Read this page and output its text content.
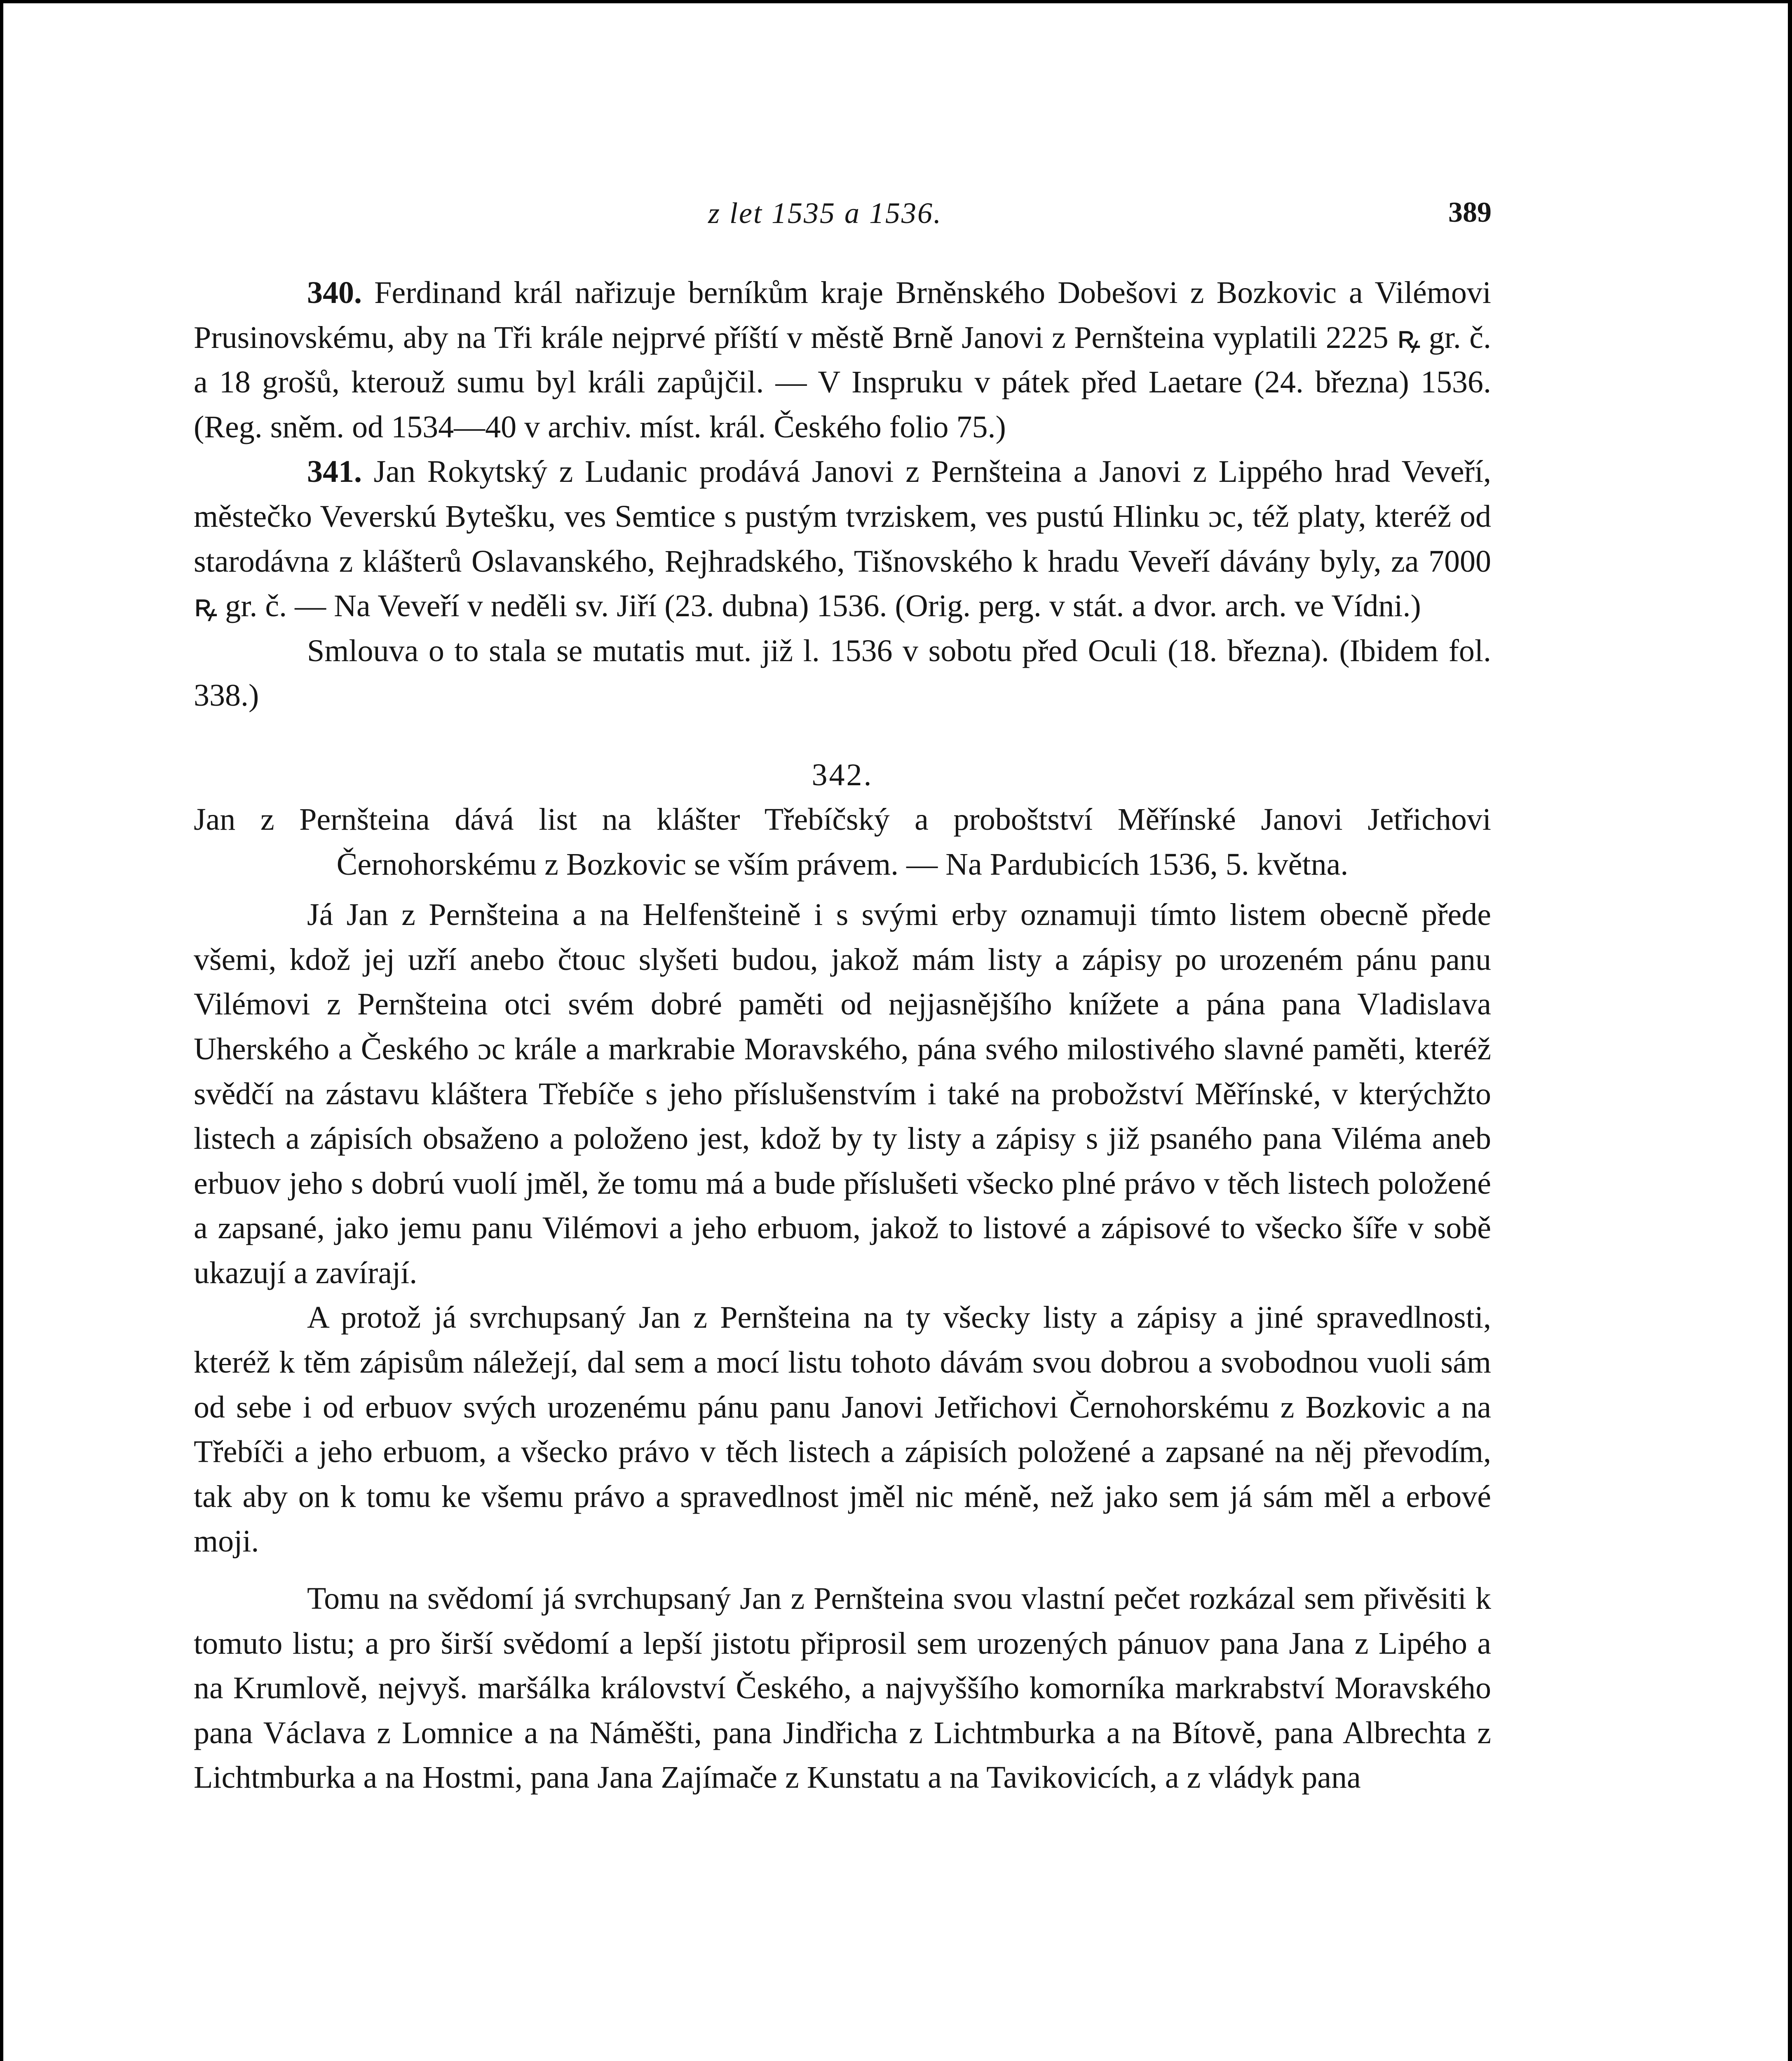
z let 1535 a 1536.	389

340. Ferdinand král nařizuje berníkům kraje Brněnského Dobešovi z Bozkovic a Vilémovi Prusinovskému, aby na Tři krále nejprvé příští v městě Brně Janovi z Pernšteina vyplatili 2225 ꝶ gr. č. a 18 grošů, kterouž sumu byl králi zapůjčil. — V Inspruku v pátek před Laetare (24. března) 1536. (Reg. sněm. od 1534—40 v archiv. míst. král. Českého folio 75.)

341. Jan Rokytský z Ludanic prodává Janovi z Pernšteina a Janovi z Lippého hrad Veveří, městečko Veverskú Bytešku, ves Semtice s pustým tvrziskem, ves pustú Hlinku ɔc, též platy, kteréž od starodávna z klášterů Oslavanského, Rejhradského, Tišnovského k hradu Veveří dávány byly, za 7000 ꝶ gr. č. — Na Veveří v neděli sv. Jiří (23. dubna) 1536. (Orig. perg. v stát. a dvor. arch. ve Vídni.)

Smlouva o to stala se mutatis mut. již l. 1536 v sobotu před Oculi (18. března). (Ibidem fol. 338.)

342.

Jan z Pernšteina dává list na klášter Třebíčský a proboštství Měřínské Janovi Jetřichovi Černohorskému z Bozkovic se vším právem. — Na Pardubicích 1536, 5. května.

Já Jan z Pernšteina a na Helfenšteině i s svými erby oznamuji tímto listem obecně přede všemi, kdož jej uzří anebo čtouc slyšeti budou, jakož mám listy a zápisy po urozeném pánu panu Vilémovi z Pernšteina otci svém dobré paměti od nejjasnějšího knížete a pána pana Vladislava Uherského a Českého ɔc krále a markrabie Moravského, pána svého milostivého slavné paměti, kteréž svědčí na zástavu kláštera Třebíče s jeho příslušenstvím i také na probožství Měřínské, v kterýchžto listech a zápisích obsaženo a položeno jest, kdož by ty listy a zápisy s již psaného pana Viléma aneb erbuov jeho s dobrú vuolí jměl, že tomu má a bude příslušeti všecko plné právo v těch listech položené a zapsané, jako jemu panu Vilémovi a jeho erbuom, jakož to listové a zápisové to všecko šíře v sobě ukazují a zavírají.

A protož já svrchupsaný Jan z Pernšteina na ty všecky listy a zápisy a jiné spravedlnosti, kteréž k těm zápisům náležejí, dal sem a mocí listu tohoto dávám svou dobrou a svobodnou vuoli sám od sebe i od erbuov svých urozenému pánu panu Janovi Jetřichovi Černohorskému z Bozkovic a na Třebíči a jeho erbuom, a všecko právo v těch listech a zápisích položené a zapsané na něj převodím, tak aby on k tomu ke všemu právo a spravedlnost jměl nic méně, než jako sem já sám měl a erbové moji.

Tomu na svědomí já svrchupsaný Jan z Pernšteina svou vlastní pečet rozkázal sem přivěsiti k tomuto listu; a pro širší svědomí a lepší jistotu připrosil sem urozených pánuov pana Jana z Lipého a na Krumlově, nejvyš. maršálka království Českého, a najvyššího komorníka markrabství Moravského pana Václava z Lomnice a na Náměšti, pana Jindřicha z Lichtmburka a na Bítově, pana Albrechta z Lichtmburka a na Hostmi, pana Jana Zajímače z Kunstatu a na Tavikovicích, a z vládyk pana
